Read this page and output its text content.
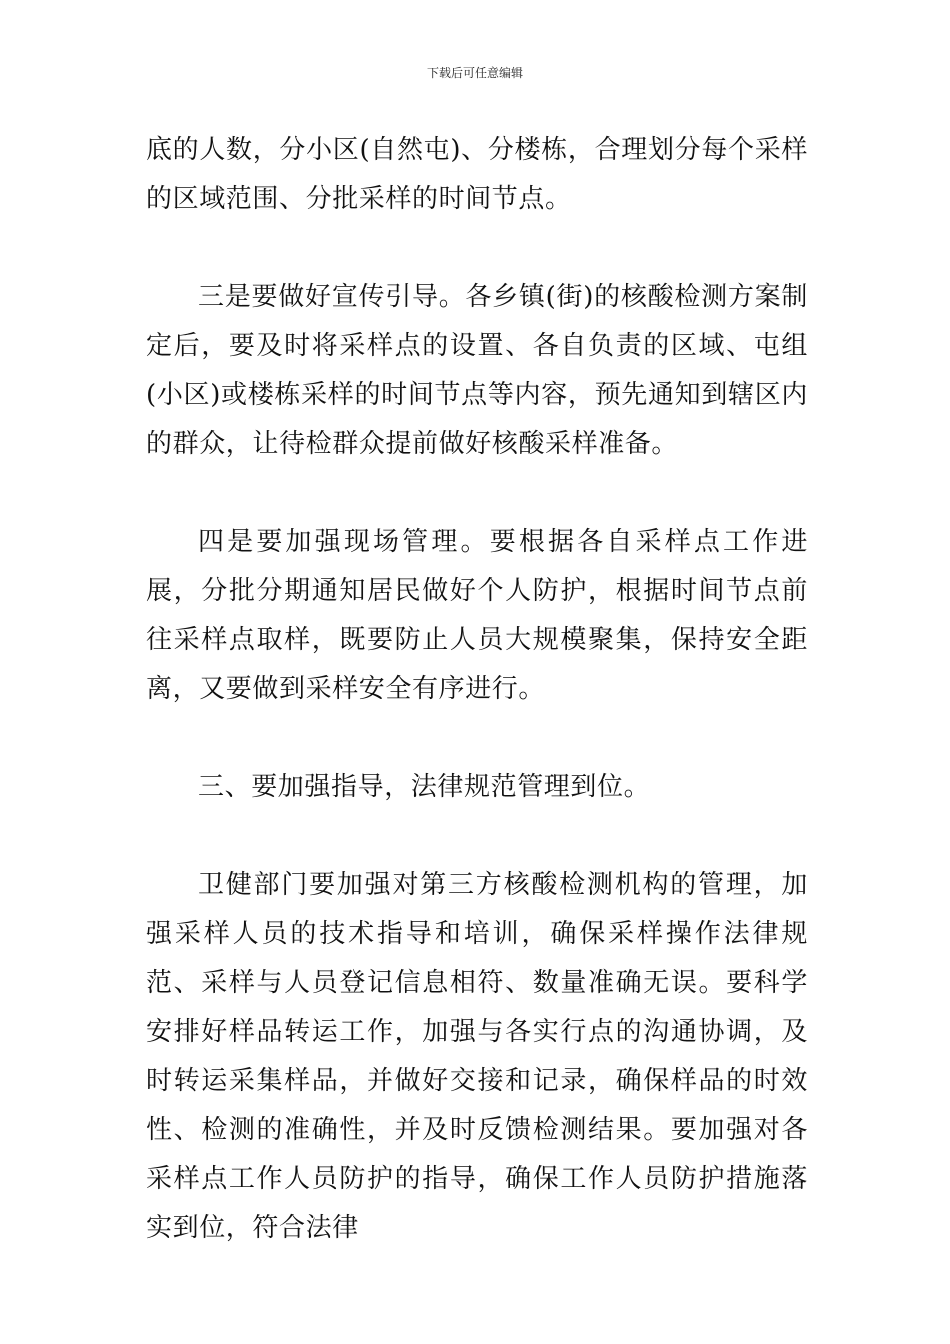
下载后可任意编辑

底的人数，分小区(自然屯)、分楼栋，合理划分每个采样的区域范围、分批采样的时间节点。

三是要做好宣传引导。各乡镇(街)的核酸检测方案制定后，要及时将采样点的设置、各自负责的区域、屯组(小区)或楼栋采样的时间节点等内容，预先通知到辖区内的群众，让待检群众提前做好核酸采样准备。

四是要加强现场管理。要根据各自采样点工作进展，分批分期通知居民做好个人防护，根据时间节点前往采样点取样，既要防止人员大规模聚集，保持安全距离，又要做到采样安全有序进行。

三、要加强指导，法律规范管理到位。

卫健部门要加强对第三方核酸检测机构的管理，加强采样人员的技术指导和培训，确保采样操作法律规范、采样与人员登记信息相符、数量准确无误。要科学安排好样品转运工作，加强与各实行点的沟通协调，及时转运采集样品，并做好交接和记录，确保样品的时效性、检测的准确性，并及时反馈检测结果。要加强对各采样点工作人员防护的指导，确保工作人员防护措施落实到位，符合法律
